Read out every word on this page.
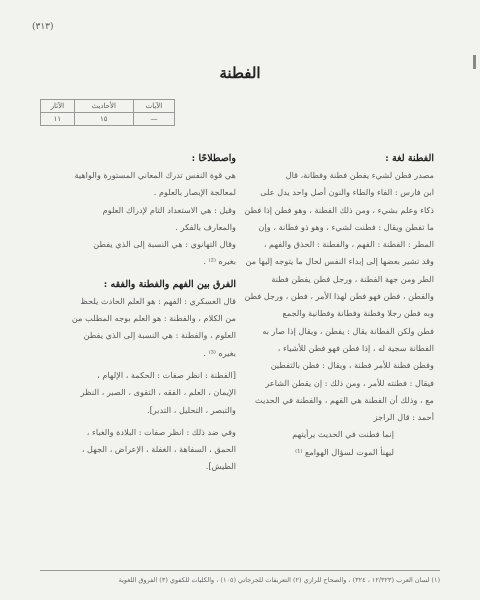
(٣١٣)
الفطنة
الآيات	الأحاديث	الآثار
—	١٥	١١
الفطنة لغة :

مصدر فطن لشيء يفطن فطنة وفطانة، قال
ابن فارس : الفاء والطاء والنون أصل واحد يدل على
ذكاء وعلم بشيء ، ومن ذلك الفطنة ، وهو فطن إذا فطن
ما تفطن ويقال : فطنت لشيء ، وهو ذو فطانة ، وإن
المطر : الفطنة : الفهم ، والفطنة : الحذق والفهم ،
وقد تشير بعضها إلى إبداء النفس لحال ما يتوجه إليها من
الطر ومن جهة الفطنة ، ورجل فطن يفطن فطنة
والفطن ، فطن فهو فطن لهذا الأمر ، فطن ، ورجل فطن
وبه فطن رجلا وفطنة وفطانة وفطانية والجمع
فطن ولكن الفطانة يقال : يفطن ، ويقال إذا صار به
الفطانة سجية له ، إذا فطن فهو فطن للأشياء ،
وفطن فطنة للأمر فطنة ، ويقال : فطن بالتفطين
فيقال : فطنته للأمر ، ومن ذلك : إن يقطن الشاعر
مع ، وذلك أن الفطنة هي الفهم ، والفطنة في الحديث

أحمد : قال الراجز

إنما فطنت في الحديث يرأيتهم
ليهنأ الموت لسؤال الهوامع ⁽¹⁾

واصطلاحًا :

هي قوة النفس تدرك المعاني المستورة والواهية
لمعالجة الإبصار بالعلوم .

وقيل : هي الاستعداد التام لإدراك العلوم
والمعارف بالفكر .

وقال التهانوي : هي النسبة إلى الذي يفطن
بغيره ⁽²⁾ .

الفرق بين الفهم والفطنة والفقه :

قال العسكري : الفهم : هو العلم الحادث يلحظ
من الكلام ، والفطنة : هو العلم بوجه المطلب من
العلوم ، والفطنة : هي النسبة إلى الذي يفطن
بغيره ⁽³⁾ .

[الفطنة : انظر صفات : الحكمة ، الإلهام ،
الإيمان ، العلم ، الفقه ، التقوى ، الصبر ، النظر
والتبصر ، التحليل ، التدبر].

وفي ضد ذلك : انظر صفات : البلادة والغباء ،
الحمق ، السفاهة ، الغفلة ، الإعراض ، الجهل ،
الطيش].

(١) لسان العرب (١٢/٣٢٣ ، ٣٢٤) ، والصحاح للرازي (٢) التعريفات للجرجاني (١٠٥) ، والكليات للكفوي (٣) الفروق اللغوية
